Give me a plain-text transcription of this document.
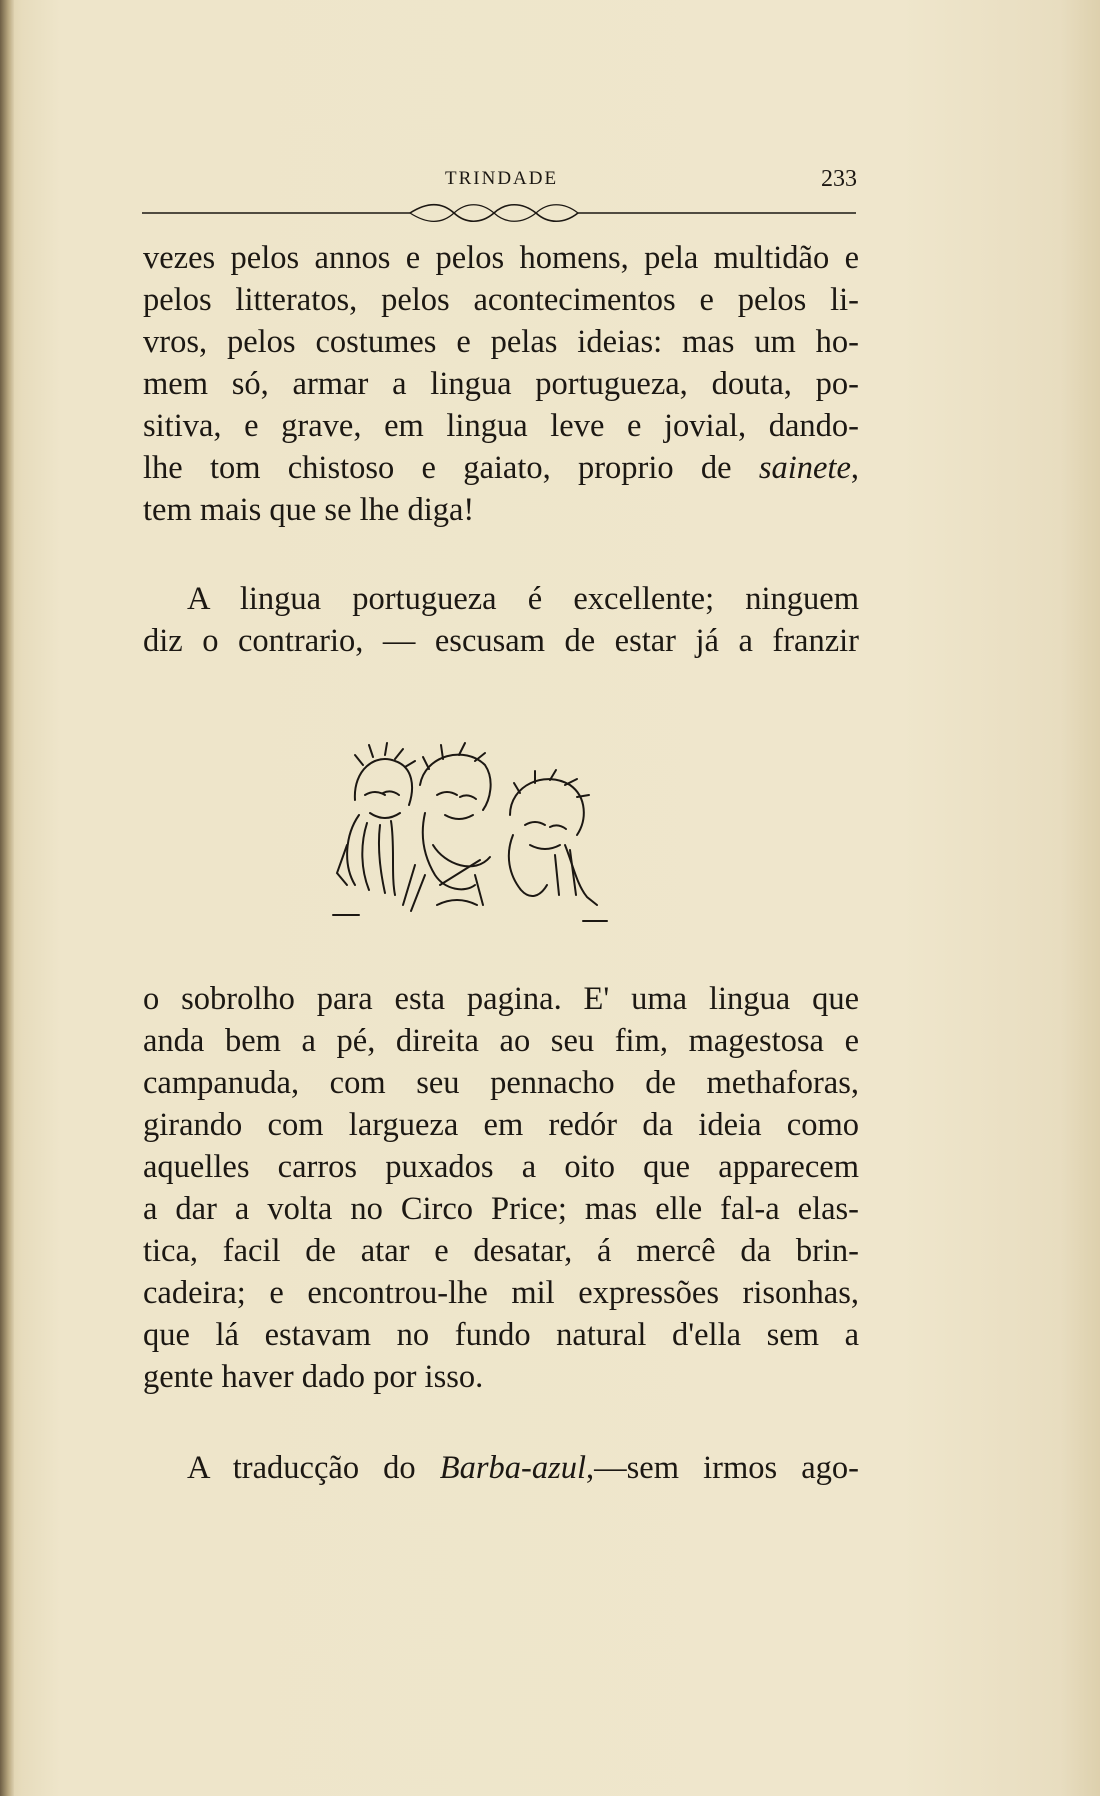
TRINDADE	233
vezes pelos annos e pelos homens, pela multidão e
pelos litteratos, pelos acontecimentos e pelos li-
vros, pelos costumes e pelas ideias: mas um ho-
mem só, armar a lingua portugueza, douta, po-
sitiva, e grave, em lingua leve e jovial, dando-
lhe tom chistoso e gaiato, proprio de sainete,
tem mais que se lhe diga!
A lingua portugueza é excellente; ninguem
diz o contrario, — escusam de estar já a franzir
o sobrolho para esta pagina. E' uma lingua que
anda bem a pé, direita ao seu fim, magestosa e
campanuda, com seu pennacho de methaforas,
girando com largueza em redór da ideia como
aquelles carros puxados a oito que apparecem
a dar a volta no Circo Price; mas elle fal-a elas-
tica, facil de atar e desatar, á mercê da brin-
cadeira; e encontrou-lhe mil expressões risonhas,
que lá estavam no fundo natural d'ella sem a
gente haver dado por isso.
A traducção do Barba-azul,—sem irmos ago-
